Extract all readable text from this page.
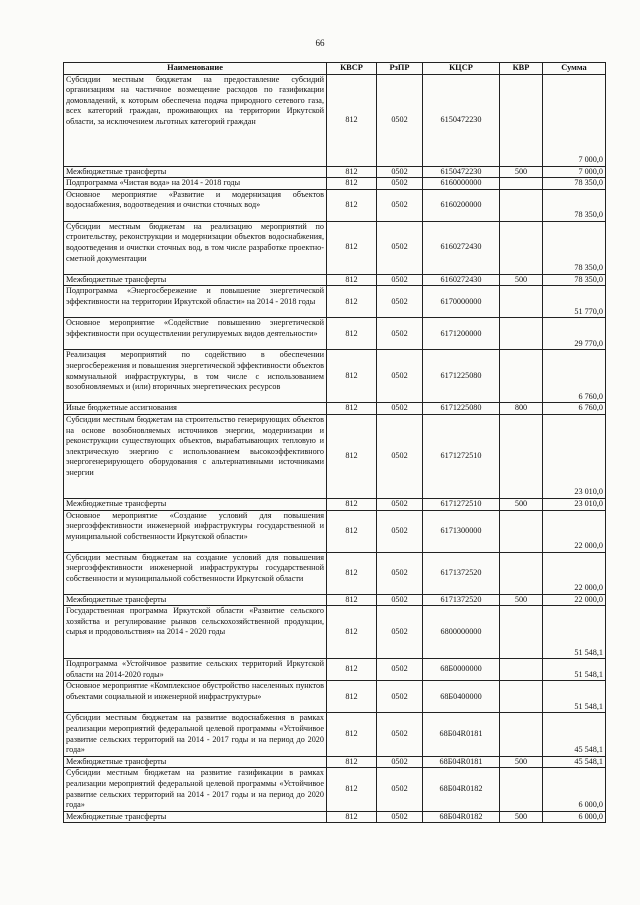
66
Наименование	КВСР	РзПР	КЦСР	КВР	Сумма
Субсидии местным бюджетам на предоставление субсидий организациям на частичное возмещение расходов по газификации домовладений, к которым обеспечена подача природного сетевого газа, всех категорий граждан, проживающих на территории Иркутской области, за исключением льготных категорий граждан	812	0502	6150472230		7 000,0
Межбюджетные трансферты	812	0502	6150472230	500	7 000,0
Подпрограмма «Чистая вода» на 2014 - 2018 годы	812	0502	6160000000		78 350,0
Основное мероприятие «Развитие и модернизация объектов водоснабжения, водоотведения и очистки сточных вод»	812	0502	6160200000		78 350,0
Субсидии местным бюджетам на реализацию мероприятий по строительству, реконструкции и модернизации объектов водоснабжения, водоотведения и очистки сточных вод, в том числе разработке проектно-сметной документации	812	0502	6160272430		78 350,0
Межбюджетные трансферты	812	0502	6160272430	500	78 350,0
Подпрограмма «Энергосбережение и повышение энергетической эффективности на территории Иркутской области» на 2014 - 2018 годы	812	0502	6170000000		51 770,0
Основное мероприятие «Содействие повышению энергетической эффективности при осуществлении регулируемых видов деятельности»	812	0502	6171200000		29 770,0
Реализация мероприятий по содействию в обеспечении энергосбережения и повышения энергетической эффективности объектов коммунальной инфраструктуры, в том числе с использованием возобновляемых и (или) вторичных энергетических ресурсов	812	0502	6171225080		6 760,0
Иные бюджетные ассигнования	812	0502	6171225080	800	6 760,0
Субсидии местным бюджетам на строительство генерирующих объектов на основе возобновляемых источников энергии, модернизации и реконструкции существующих объектов, вырабатывающих тепловую и электрическую энергию с использованием высокоэффективного энергогенерирующего оборудования с альтернативными источниками энергии	812	0502	6171272510		23 010,0
Межбюджетные трансферты	812	0502	6171272510	500	23 010,0
Основное мероприятие «Создание условий для повышения энергоэффективности инженерной инфраструктуры государственной и муниципальной собственности Иркутской области»	812	0502	6171300000		22 000,0
Субсидии местным бюджетам на создание условий для повышения энергоэффективности инженерной инфраструктуры государственной собственности и муниципальной собственности Иркутской области	812	0502	6171372520		22 000,0
Межбюджетные трансферты	812	0502	6171372520	500	22 000,0
Государственная программа Иркутской области «Развитие сельского хозяйства и регулирование рынков сельскохозяйственной продукции, сырья и продовольствия» на 2014 - 2020 годы	812	0502	6800000000		51 548,1
Подпрограмма «Устойчивое развитие сельских территорий Иркутской области на 2014-2020 годы»	812	0502	68Б0000000		51 548,1
Основное мероприятие «Комплексное обустройство населенных пунктов объектами социальной и инженерной инфраструктуры»	812	0502	68Б0400000		51 548,1
Субсидии местным бюджетам на развитие водоснабжения в рамках реализации мероприятий федеральной целевой программы «Устойчивое развитие сельских территорий на 2014 - 2017 годы и на период до 2020 года»	812	0502	68Б04R0181		45 548,1
Межбюджетные трансферты	812	0502	68Б04R0181	500	45 548,1
Субсидии местным бюджетам на развитие газификации в рамках реализации мероприятий федеральной целевой программы «Устойчивое развитие сельских территорий на 2014 - 2017 годы и на период до 2020 года»	812	0502	68Б04R0182		6 000,0
Межбюджетные трансферты	812	0502	68Б04R0182	500	6 000,0
